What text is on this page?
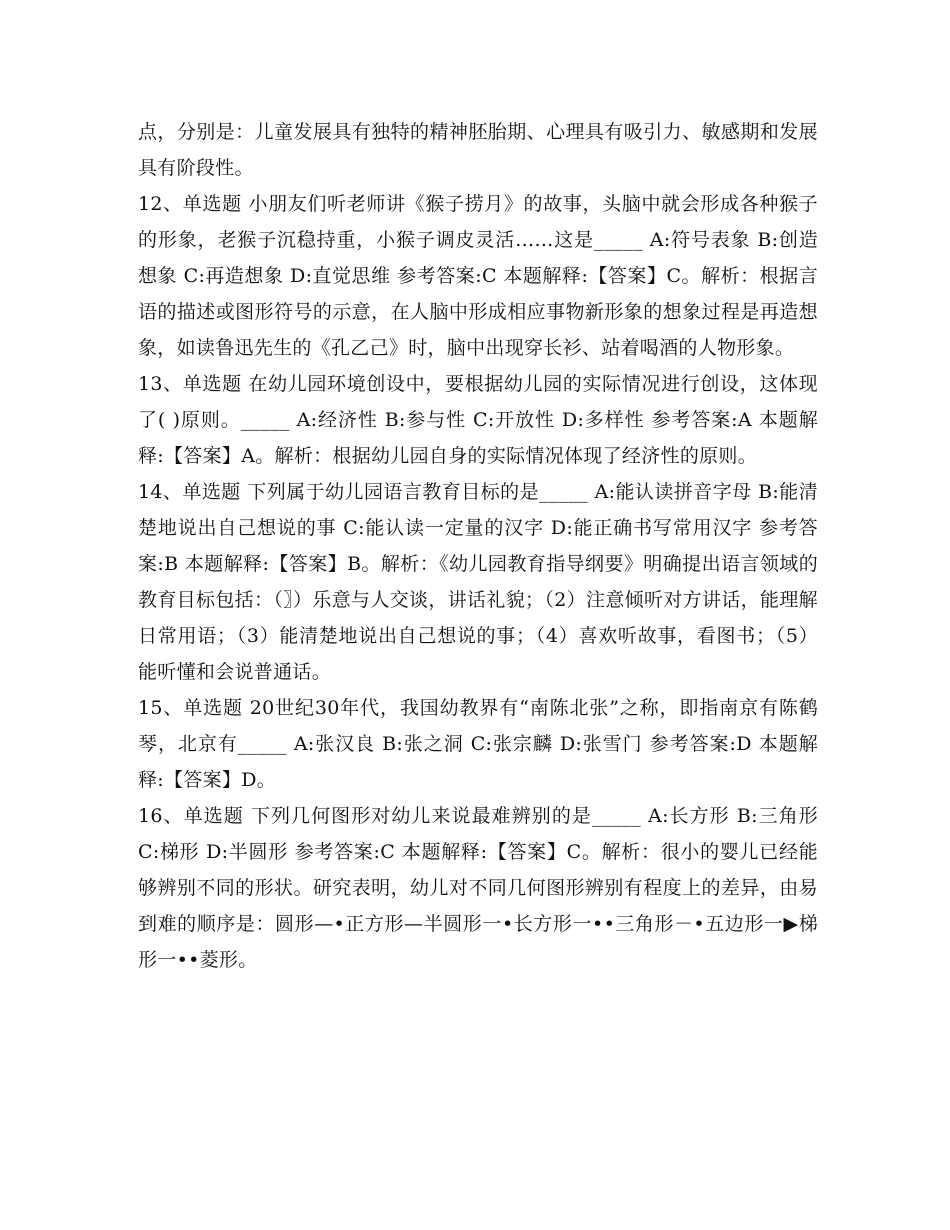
点，分别是：儿童发展具有独特的精神胚胎期、心理具有吸引力、敏感期和发展具有阶段性。

12、单选题 小朋友们听老师讲《猴子捞月》的故事，头脑中就会形成各种猴子的形象，老猴子沉稳持重，小猴子调皮灵活……这是_____ A:符号表象 B:创造想象 C:再造想象 D:直觉思维 参考答案:C 本题解释:【答案】C。解析：根据言语的描述或图形符号的示意，在人脑中形成相应事物新形象的想象过程是再造想象，如读鲁迅先生的《孔乙己》时，脑中出现穿长衫、站着喝酒的人物形象。

13、单选题 在幼儿园环境创设中，要根据幼儿园的实际情况进行创设，这体现了( )原则。_____ A:经济性 B:参与性 C:开放性 D:多样性 参考答案:A 本题解释:【答案】A。解析：根据幼儿园自身的实际情况体现了经济性的原则。

14、单选题 下列属于幼儿园语言教育目标的是_____ A:能认读拼音字母 B:能清楚地说出自己想说的事 C:能认读一定量的汉字 D:能正确书写常用汉字 参考答案:B 本题解释:【答案】B。解析：《幼儿园教育指导纲要》明确提出语言领域的教育目标包括：（〗）乐意与人交谈，讲话礼貌；（2）注意倾听对方讲话，能理解日常用语；（3）能清楚地说出自己想说的事；（4）喜欢听故事，看图书；（5）能听懂和会说普通话。

15、单选题 20世纪30年代，我国幼教界有“南陈北张”之称，即指南京有陈鹤琴，北京有_____ A:张汉良 B:张之洞 C:张宗麟 D:张雪门 参考答案:D 本题解释:【答案】D。

16、单选题 下列几何图形对幼儿来说最难辨别的是_____ A:长方形 B:三角形 C:梯形 D:半圆形 参考答案:C 本题解释:【答案】C。解析：很小的婴儿已经能够辨别不同的形状。研究表明，幼儿对不同几何图形辨别有程度上的差异，由易到难的顺序是：圆形—•正方形—半圆形一•长方形一••三角形－•五边形一▶梯形一••菱形。
